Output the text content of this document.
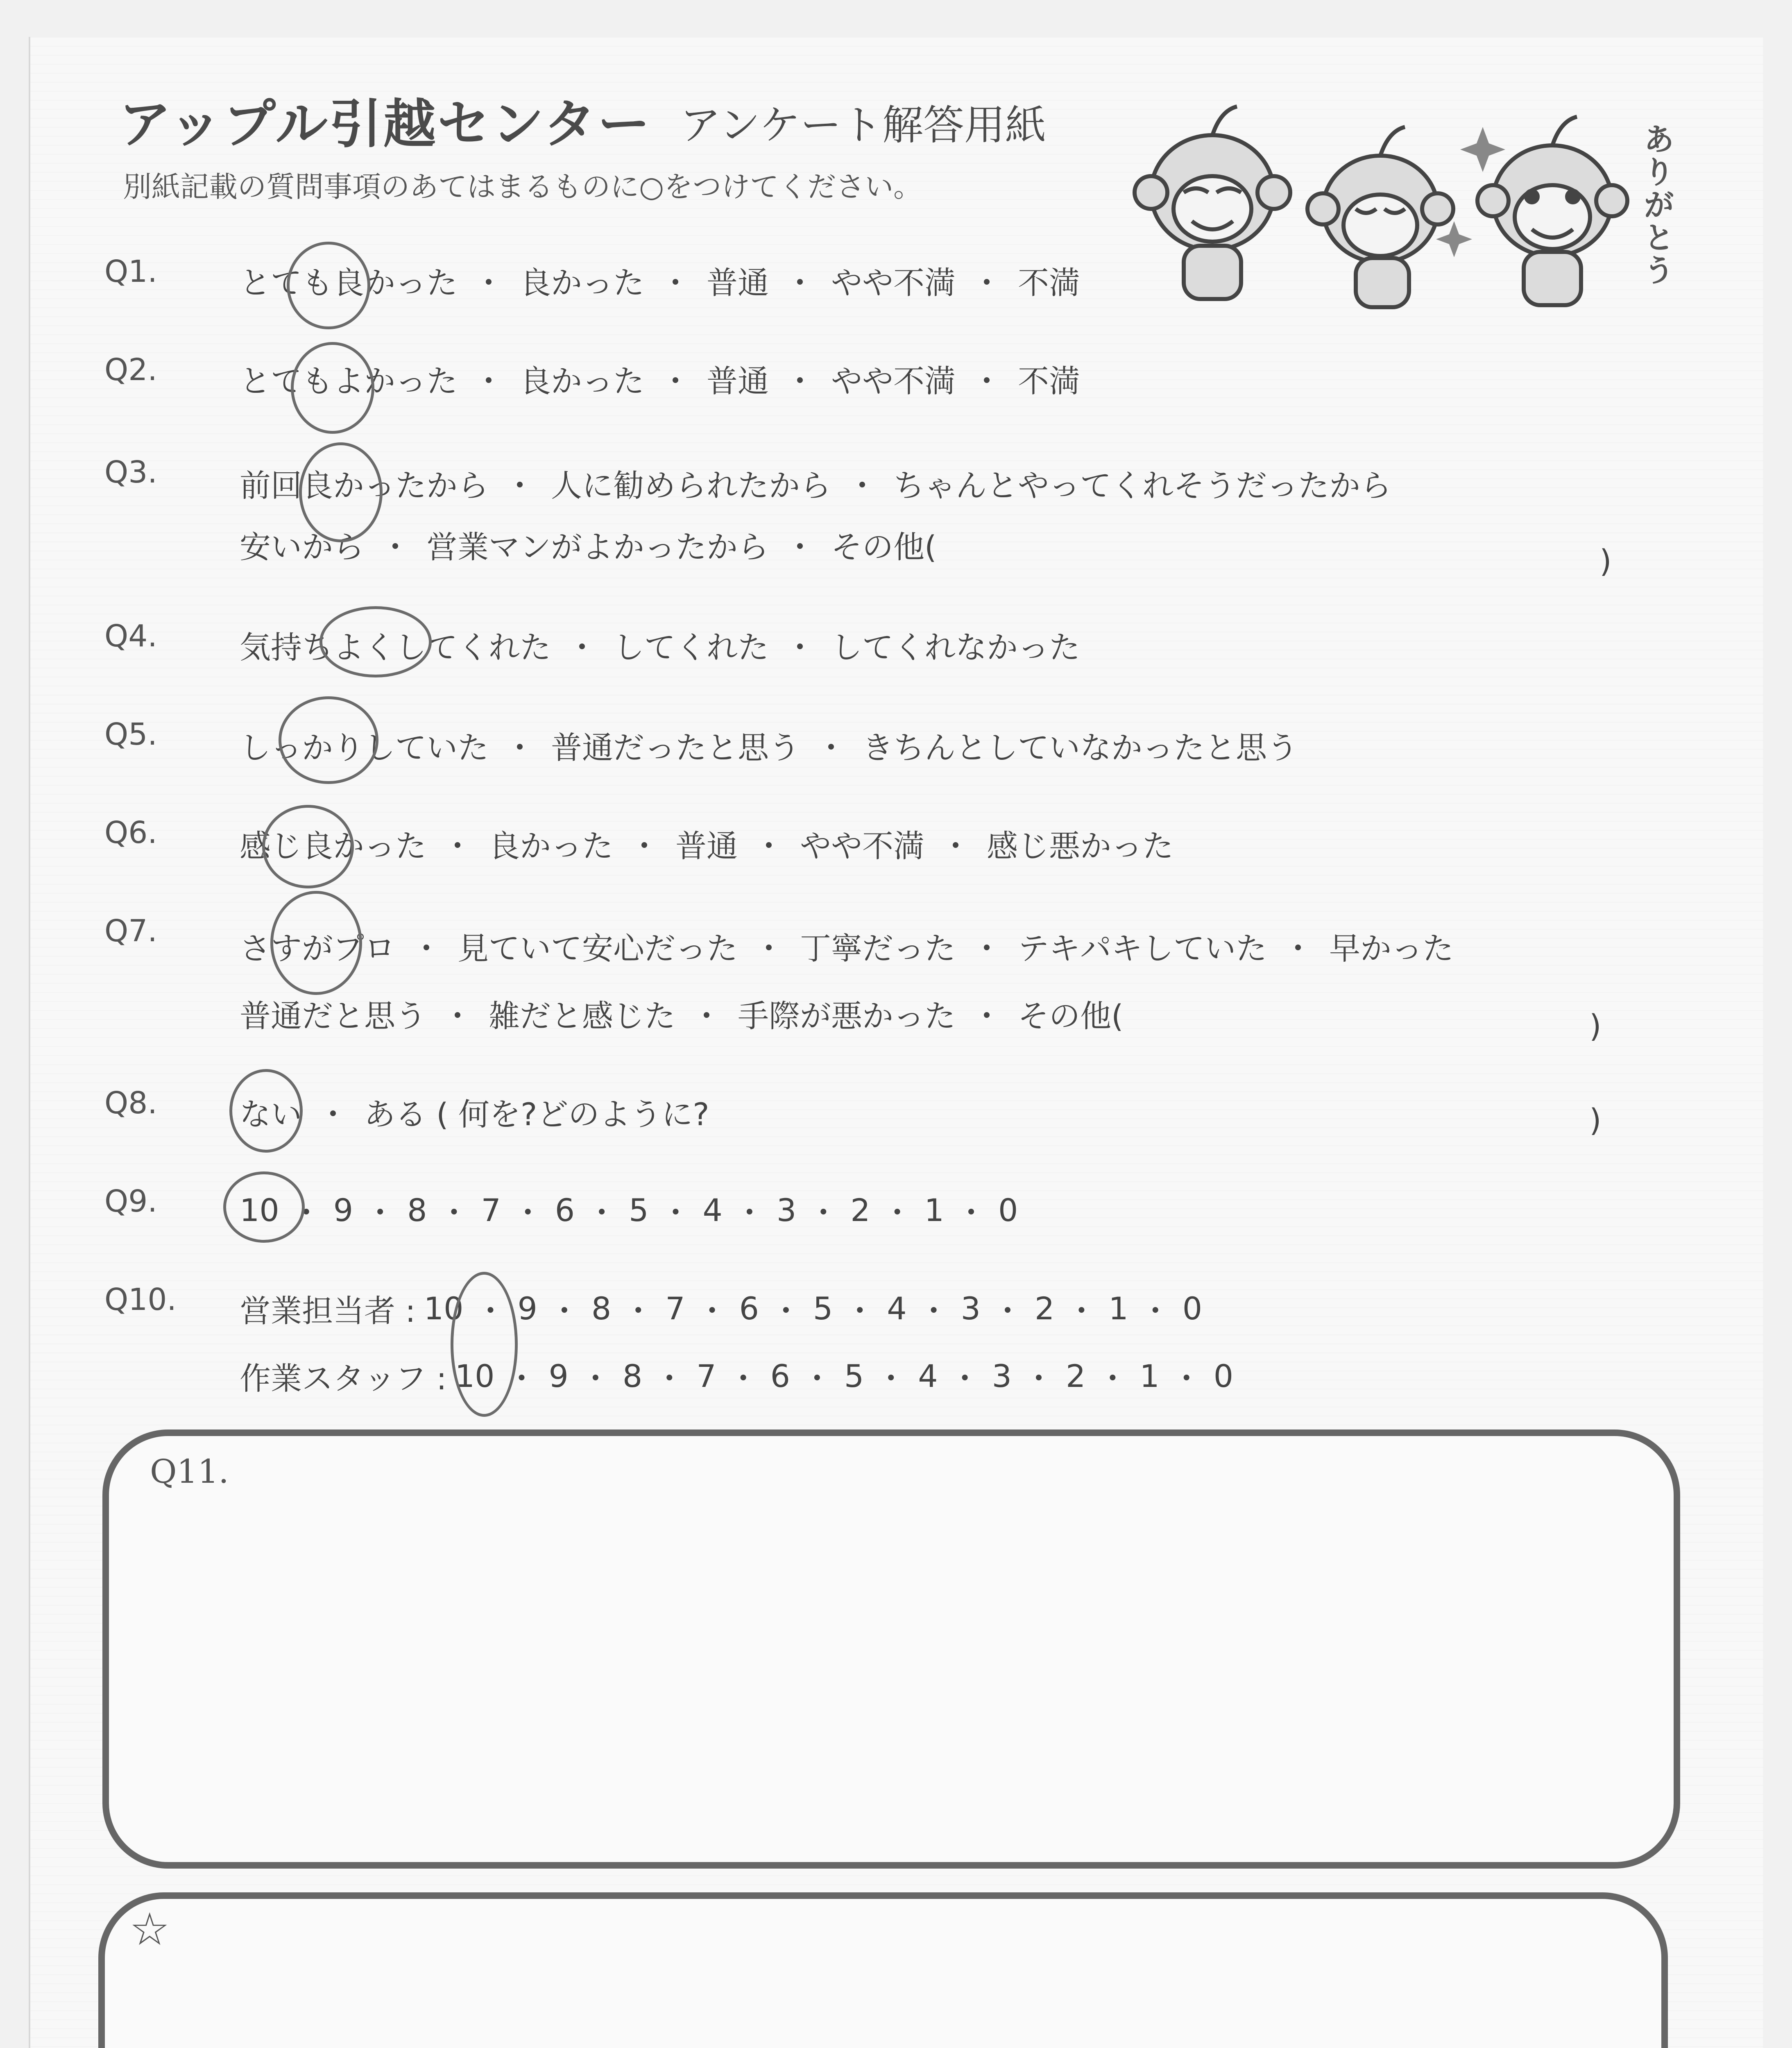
アップル引越センター アンケート解答用紙
別紙記載の質問事項のあてはまるものに○をつけてください。	ありがとう
Q1.	とても良かった ・ 良かった ・ 普通 ・ やや不満 ・ 不満
Q2.	とてもよかった ・ 良かった ・ 普通 ・ やや不満 ・ 不満
Q3.	前回良かったから ・ 人に勧められたから ・ ちゃんとやってくれそうだったから
安いから ・ 営業マンがよかったから ・ その他(	)
Q4.	気持ちよくしてくれた ・ してくれた ・ してくれなかった
Q5.	しっかりしていた ・ 普通だったと思う ・ きちんとしていなかったと思う
Q6.	感じ良かった ・ 良かった ・ 普通 ・ やや不満 ・ 感じ悪かった
Q7.	さすがプロ ・ 見ていて安心だった ・ 丁寧だった ・ テキパキしていた ・ 早かった
普通だと思う ・ 雑だと感じた ・ 手際が悪かった ・ その他(	)
Q8.	ない ・ ある ( 何を?どのように?	)
Q9.	10 ・ 9 ・ 8 ・ 7 ・ 6 ・ 5 ・ 4 ・ 3 ・ 2 ・ 1 ・ 0
Q10. 営業担当者 : 10 ・ 9 ・ 8 ・ 7 ・ 6 ・ 5 ・ 4 ・ 3 ・ 2 ・ 1 ・ 0
作業スタッフ : 10 ・ 9 ・ 8 ・ 7 ・ 6 ・ 5 ・ 4 ・ 3 ・ 2 ・ 1 ・ 0
Q11.
☆
